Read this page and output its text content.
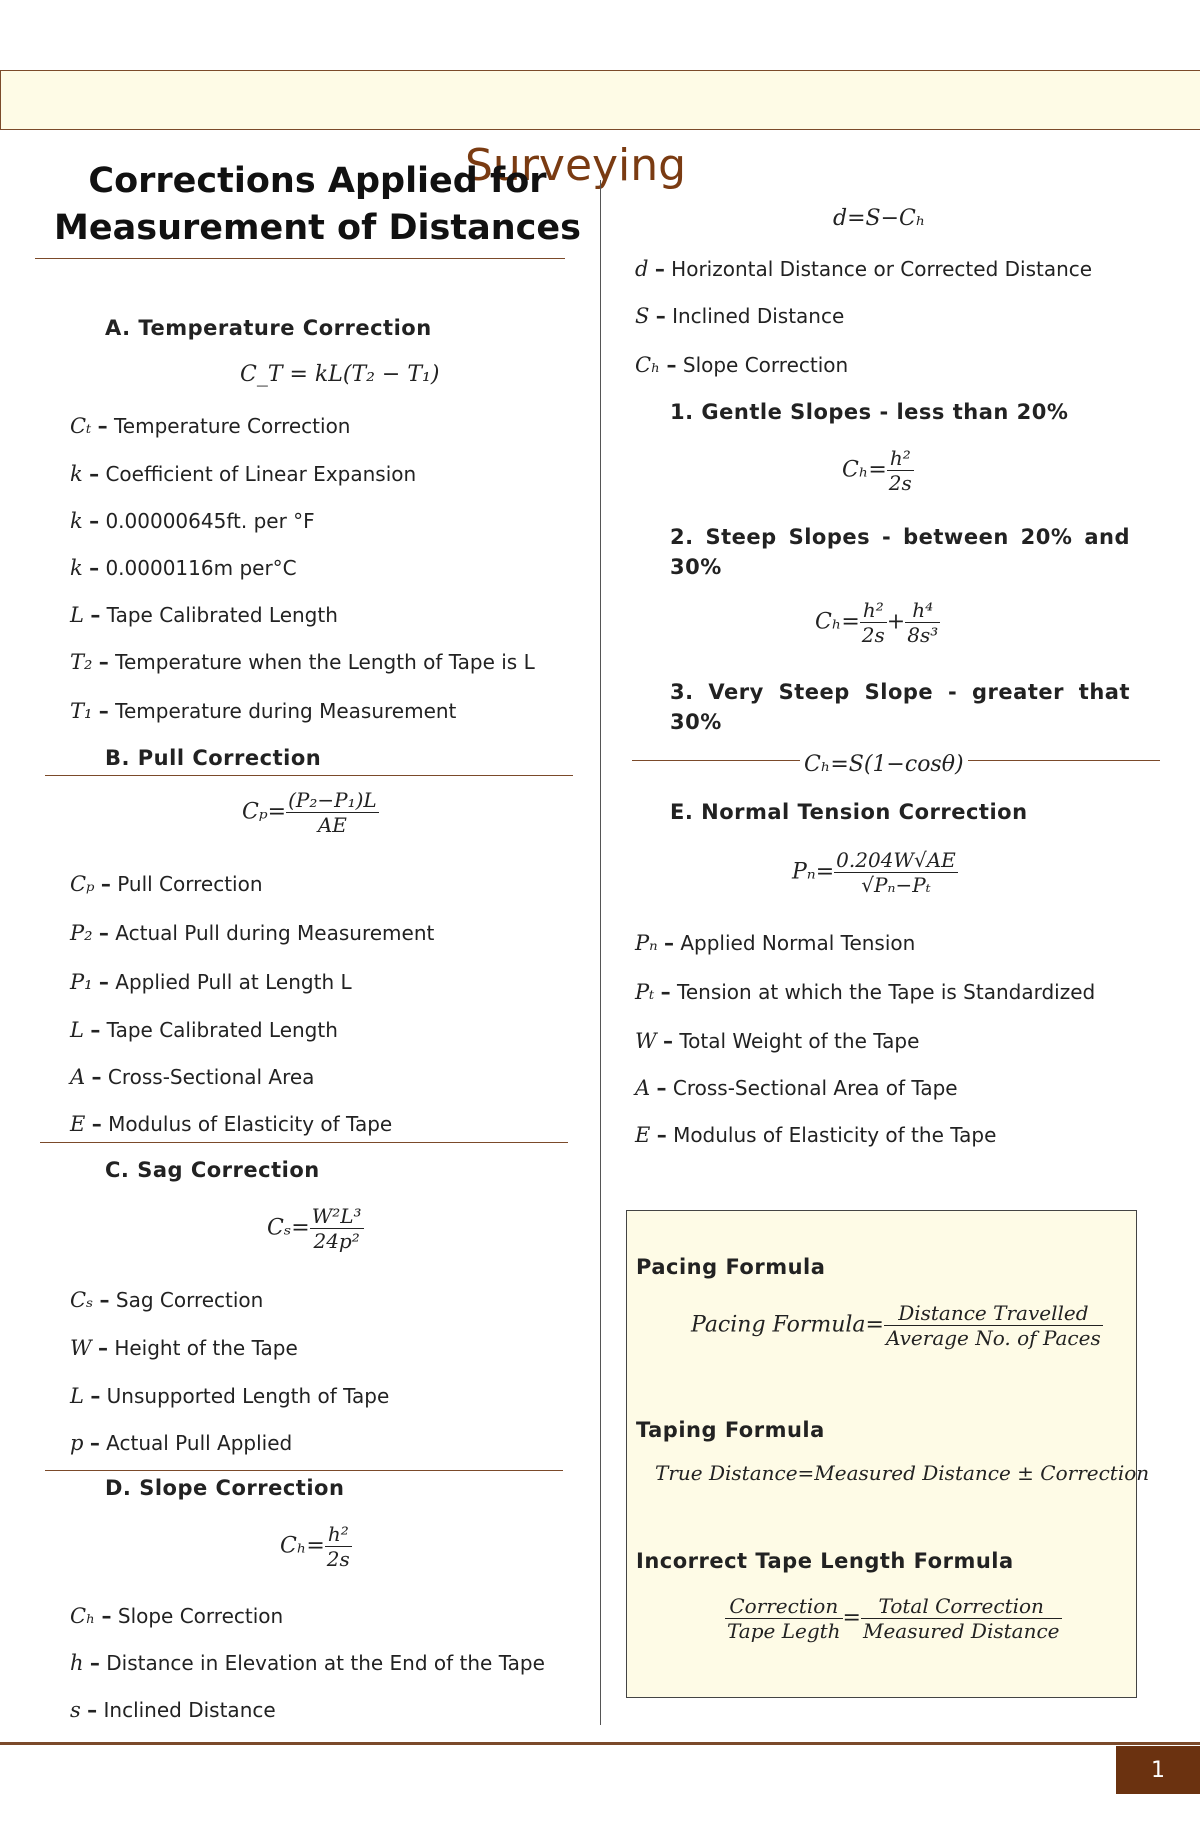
Surveying
Corrections Applied for Measurement of Distances
A. Temperature Correction
C_T = kL(T₂ − T₁)
Cₜ – Temperature Correction
k – Coefficient of Linear Expansion
k – 0.00000645ft. per °F
k – 0.0000116m per°C
L – Tape Calibrated Length
T₂ – Temperature when the Length of Tape is L
T₁ – Temperature during Measurement
B. Pull Correction
$C_p= \frac{\text{(P₂−P₁)L}}{AE}$
Cₚ – Pull Correction
P₂ – Actual Pull during Measurement
P₁ – Applied Pull at Length L
L – Tape Calibrated Length
A – Cross-Sectional Area
E – Modulus of Elasticity of Tape
C. Sag Correction
$C_s= \frac{\text{W²L³}}{\text{24p²}}$
Cₛ – Sag Correction
W – Height of the Tape
L – Unsupported Length of Tape
p – Actual Pull Applied
D. Slope Correction
$C_h= \frac{\text{h²}}{2s}$
Cₕ – Slope Correction
h – Distance in Elevation at the End of the Tape
s – Inclined Distance
d=S−Cₕ
d – Horizontal Distance or Corrected Distance
S – Inclined Distance
Cₕ – Slope Correction
1. Gentle Slopes - less than 20%
$C_h= \frac{\text{h²}}{2s}$
2. Steep Slopes - between 20% and 30%
$C_h= \frac{\text{h²}}{2s} + \frac{\text{h⁴}}{\text{8s³}}$
3. Very Steep Slope - greater that 30%
Cₕ=S(1−cosθ)
E. Normal Tension Correction
$P_n= \frac{0.204W√AE}{\text{√Pₙ−Pₜ}}$
Pₙ – Applied Normal Tension
Pₜ – Tension at which the Tape is Standardized
W – Total Weight of the Tape
A – Cross-Sectional Area of Tape
E – Modulus of Elasticity of the Tape
Pacing Formula
Pacing Formula= $\frac{\text{Distance Travelled}}{\text{Average No. of Paces}}$
Taping Formula
True Distance=Measured Distance ± Correction
Incorrect Tape Length Formula
$\frac{\text{Correction}}{\text{Tape Legth}} = \frac{\text{Total Correction}}{\text{Measured Distance}}$
1
